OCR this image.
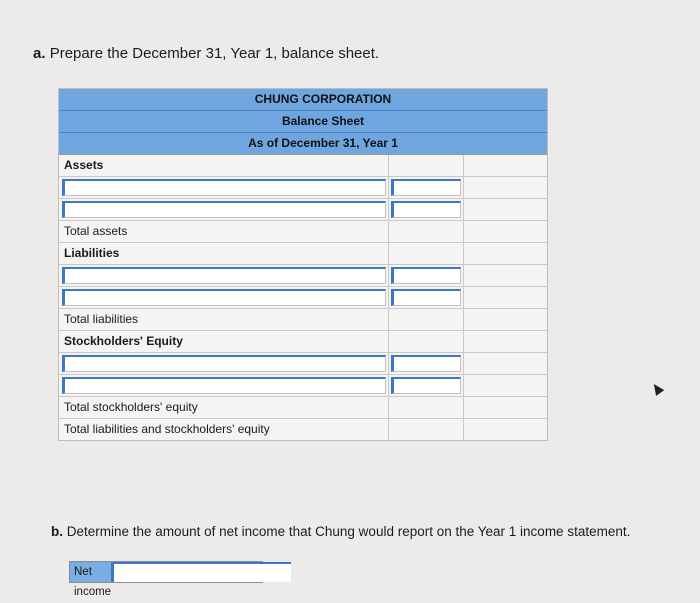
a. Prepare the December 31, Year 1, balance sheet.
CHUNG CORPORATION
Balance Sheet
As of December 31, Year 1
Assets
Total assets
Liabilities
Total liabilities
Stockholders' Equity
Total stockholders' equity
Total liabilities and stockholders' equity
b. Determine the amount of net income that Chung would report on the Year 1 income statement.
Net income
